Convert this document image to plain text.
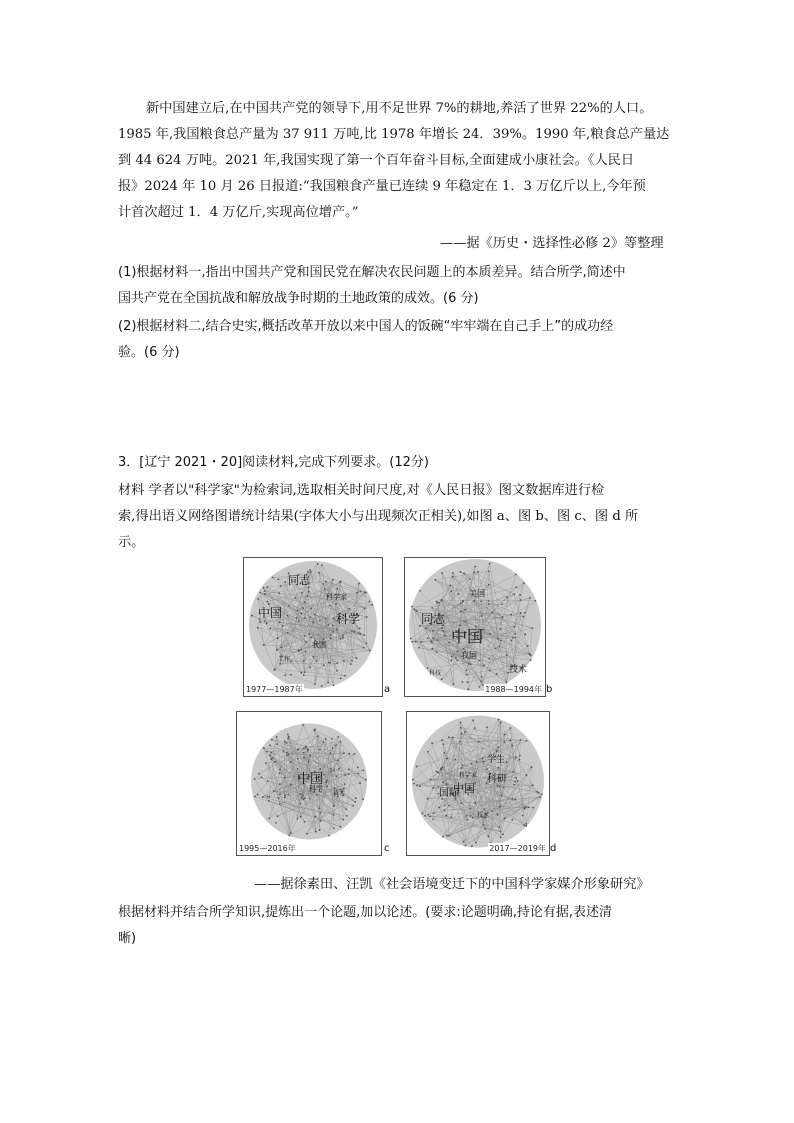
新中国建立后,在中国共产党的领导下,用不足世界 7%的耕地,养活了世界 22%的人口。
1985 年,我国粮食总产量为 37 911 万吨,比 1978 年增长 24．39%。1990 年,粮食总产量达
到 44 624 万吨。2021 年,我国实现了第一个百年奋斗目标,全面建成小康社会。《人民日
报》2024 年 10 月 26 日报道:“我国粮食产量已连续 9 年稳定在 1．3 万亿斤以上,今年预
计首次超过 1．4 万亿斤,实现高位增产。”
——据《历史・选择性必修 2》等整理
(1)根据材料一,指出中国共产党和国民党在解决农民问题上的本质差异。结合所学,简述中
国共产党在全国抗战和解放战争时期的土地政策的成效。(6 分)
(2)根据材料二,结合史实,概括改革开放以来中国人的饭碗“牢牢端在自己手上”的成功经
验。(6 分)
3．[辽宁 2021・20]阅读材料,完成下列要求。(12分)
材料 学者以"科学家"为检索词,选取相关时间尺度,对《人民日报》图文数据库进行检
索,得出语义网络图谱统计结果(字体大小与出现频次正相关),如图 a、图 b、图 c、图 d 所
示。
同志
中国	科学
科学家
我国
工作
1977—1987年	a
美国
同志
中国
我国
技术
科技
1988—1994年 b
中国
科学
技术
1995—2016年	c
学生
科研
国际
中国
科学家
技术
2017—2019年 d
——据徐素田、汪凯《社会语境变迁下的中国科学家媒介形象研究》
根据材料并结合所学知识,提炼出一个论题,加以论述。(要求:论题明确,持论有据,表述清
晰)
